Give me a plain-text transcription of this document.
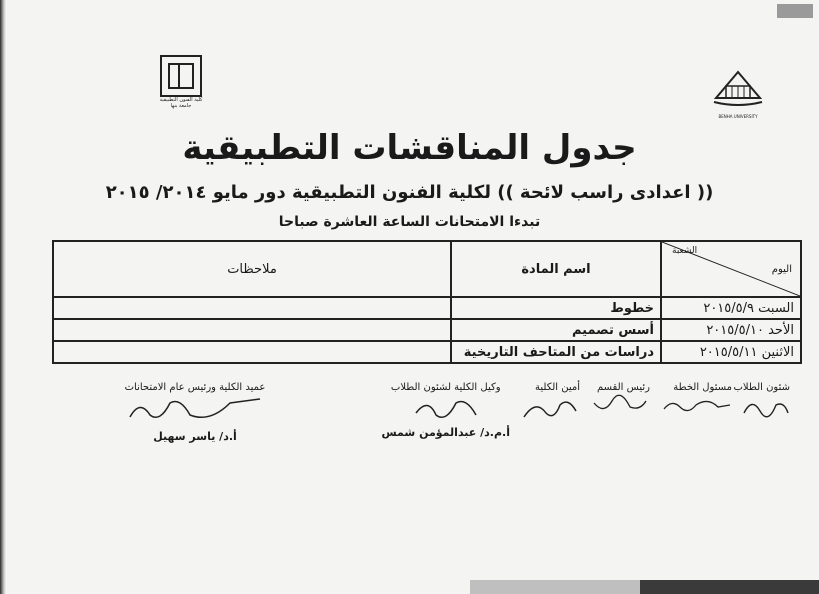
كلية الفنون التطبيقية جامعة بنها
BENHA UNIVERSITY
جدول المناقشات التطبيقية
(( اعدادى راسب لائحة )) لكلية الفنون التطبيقية دور مايو ٢٠١٤/ ٢٠١٥
تبدءا الامتحانات الساعة العاشرة صباحا
الشعبة
اليوم	اسم المادة	ملاحظات
السبت ٢٠١٥/٥/٩	خطوط	
الأحد ٢٠١٥/٥/١٠	أسس تصميم	
الاثنين ٢٠١٥/٥/١١	دراسات من المتاحف التاريخية	
شئون الطلاب
مسئول الخطة
رئيس القسم
أمين الكلية
وكيل الكلية لشئون الطلاب
أ.م.د/ عبدالمؤمن شمس
عميد الكلية ورئيس عام الامتحانات
أ.د/ ياسر سهيل
